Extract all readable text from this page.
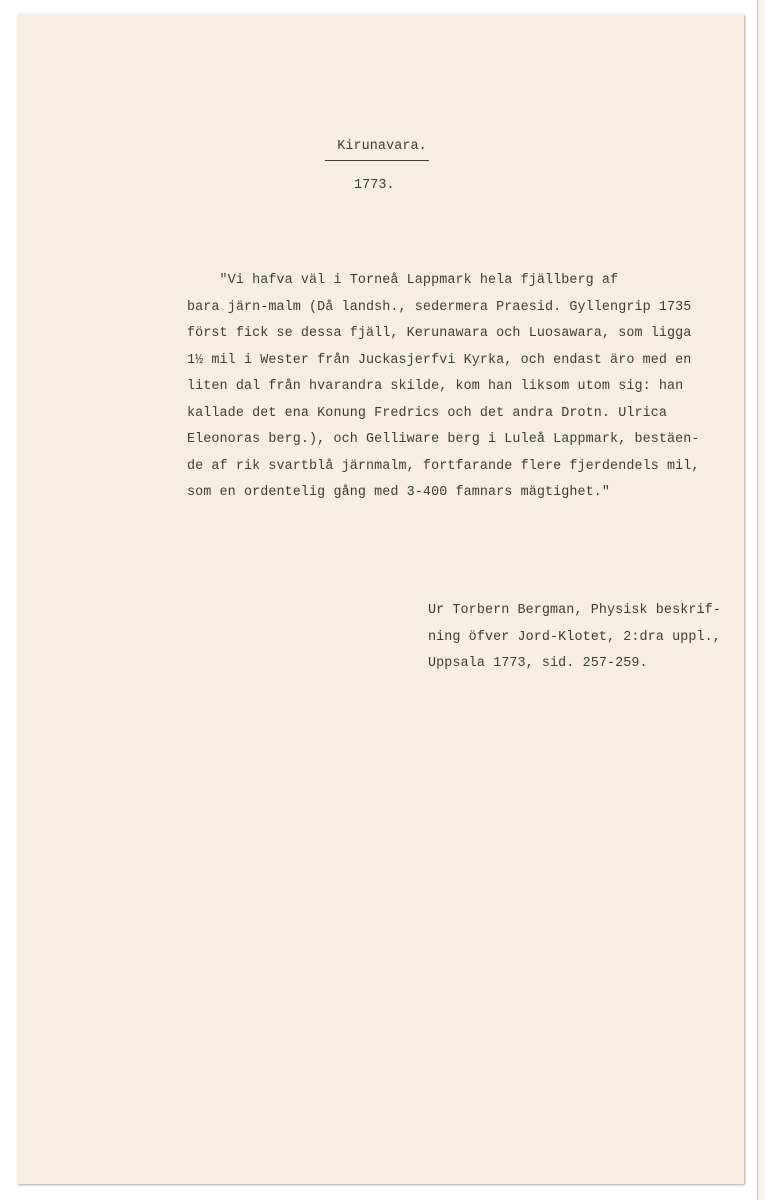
Kirunavara.
1773.
"Vi hafva väl i Torneå Lappmark hela fjällberg af
bara järn-malm (Då landsh., sedermera Praesid. Gyllengrip 1735
först fick se dessa fjäll, Kerunawara och Luosawara, som ligga
1½ mil i Wester från Juckasjerfvi Kyrka, och endast äro med en
liten dal från hvarandra skilde, kom han liksom utom sig: han
kallade det ena Konung Fredrics och det andra Drotn. Ulrica
Eleonoras berg.), och Gelliware berg i Luleå Lappmark, bestäen-
de af rik svartblå järnmalm, fortfarande flere fjerdendels mil,
som en ordentelig gång med 3-400 famnars mägtighet."
Ur Torbern Bergman, Physisk beskrif-
ning öfver Jord-Klotet, 2:dra uppl.,
Uppsala 1773, sid. 257-259.
